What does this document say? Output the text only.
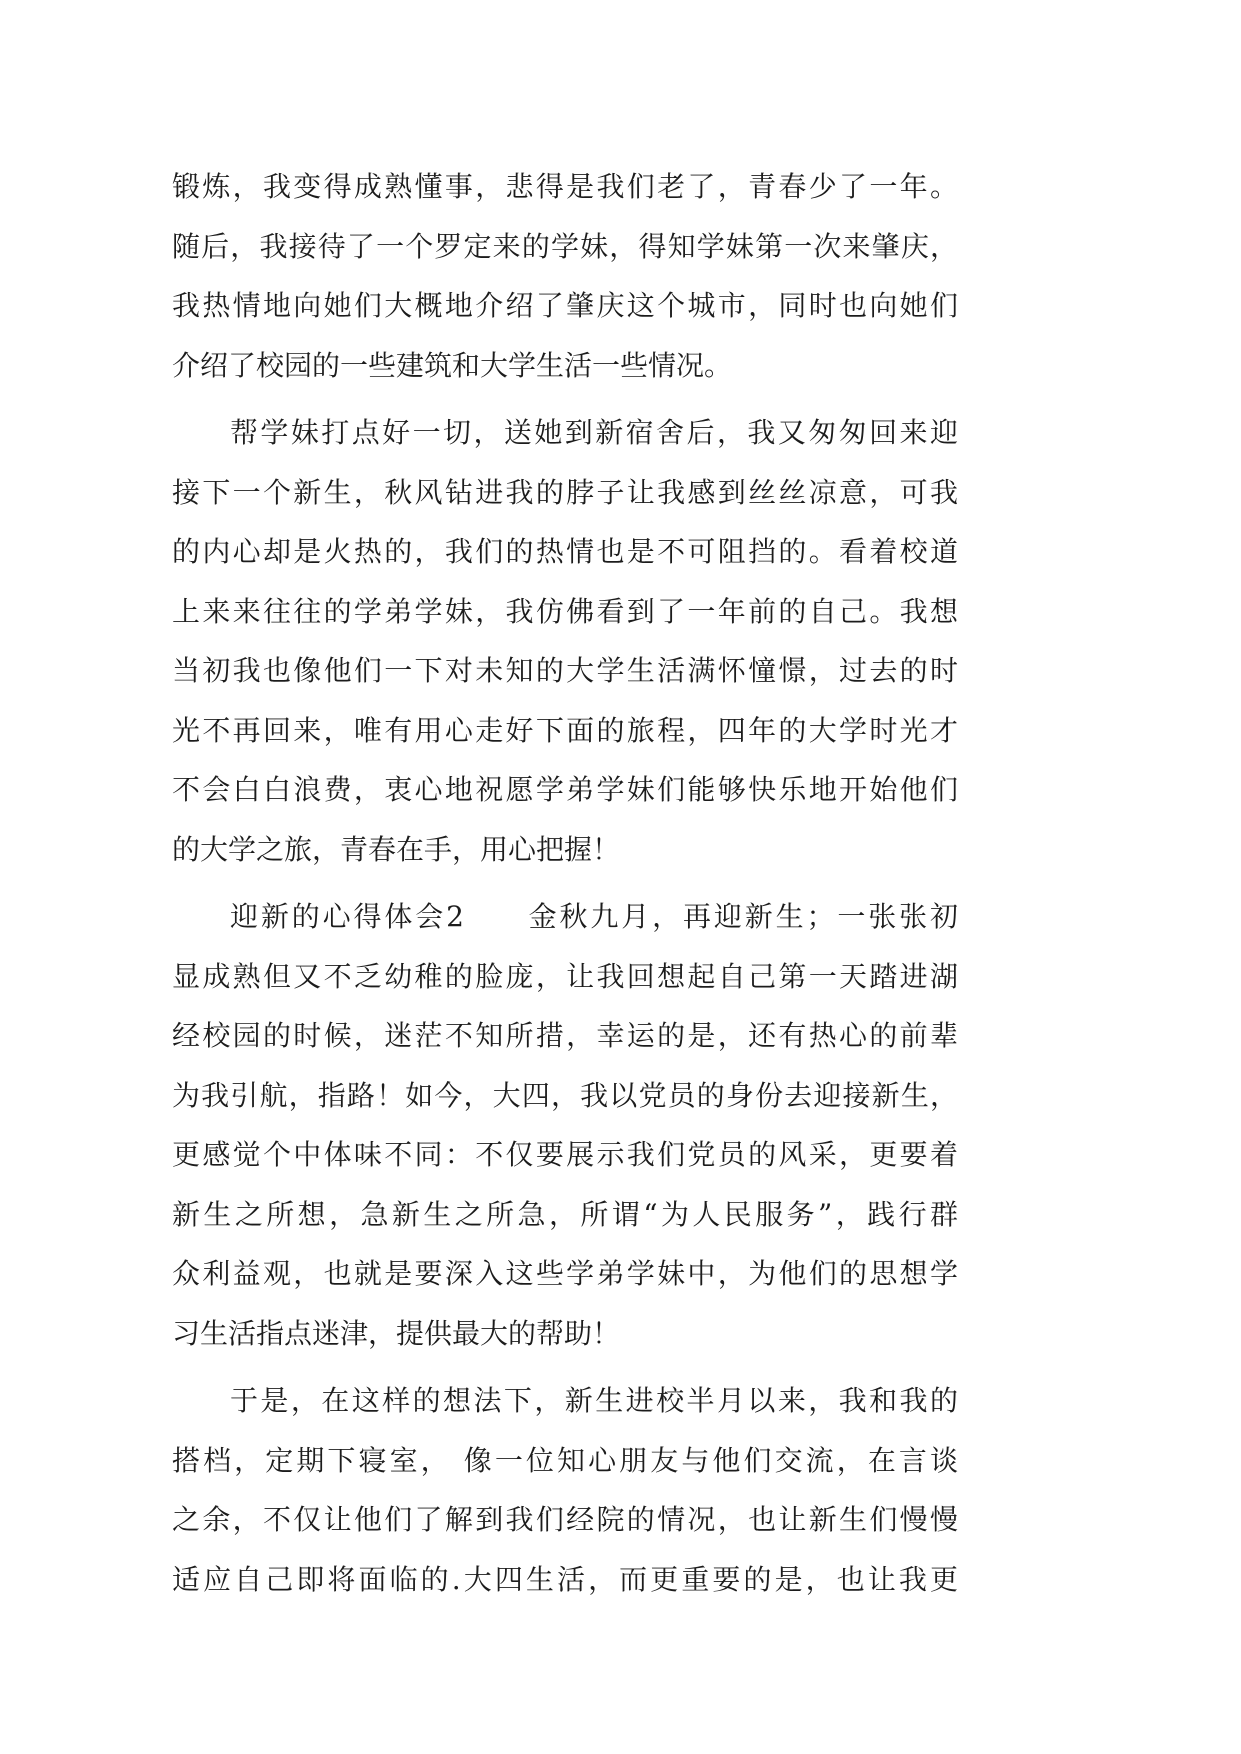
锻炼，我变得成熟懂事，悲得是我们老了，青春少了一年。
随后，我接待了一个罗定来的学妹，得知学妹第一次来肇庆，
我热情地向她们大概地介绍了肇庆这个城市，同时也向她们
介绍了校园的一些建筑和大学生活一些情况。
帮学妹打点好一切，送她到新宿舍后，我又匆匆回来迎
接下一个新生，秋风钻进我的脖子让我感到丝丝凉意，可我
的内心却是火热的，我们的热情也是不可阻挡的。看着校道
上来来往往的学弟学妹，我仿佛看到了一年前的自己。我想
当初我也像他们一下对未知的大学生活满怀憧憬，过去的时
光不再回来，唯有用心走好下面的旅程，四年的大学时光才
不会白白浪费，衷心地祝愿学弟学妹们能够快乐地开始他们
的大学之旅，青春在手，用心把握！
迎新的心得体会2　　金秋九月，再迎新生；一张张初
显成熟但又不乏幼稚的脸庞，让我回想起自己第一天踏进湖
经校园的时候，迷茫不知所措，幸运的是，还有热心的前辈
为我引航，指路！如今，大四，我以党员的身份去迎接新生，
更感觉个中体味不同：不仅要展示我们党员的风采，更要着
新生之所想，急新生之所急，所谓“为人民服务”，践行群
众利益观，也就是要深入这些学弟学妹中，为他们的思想学
习生活指点迷津，提供最大的帮助！
于是，在这样的想法下，新生进校半月以来，我和我的
搭档，定期下寝室， 像一位知心朋友与他们交流，在言谈
之余，不仅让他们了解到我们经院的情况，也让新生们慢慢
适应自己即将面临的.大四生活，而更重要的是，也让我更
